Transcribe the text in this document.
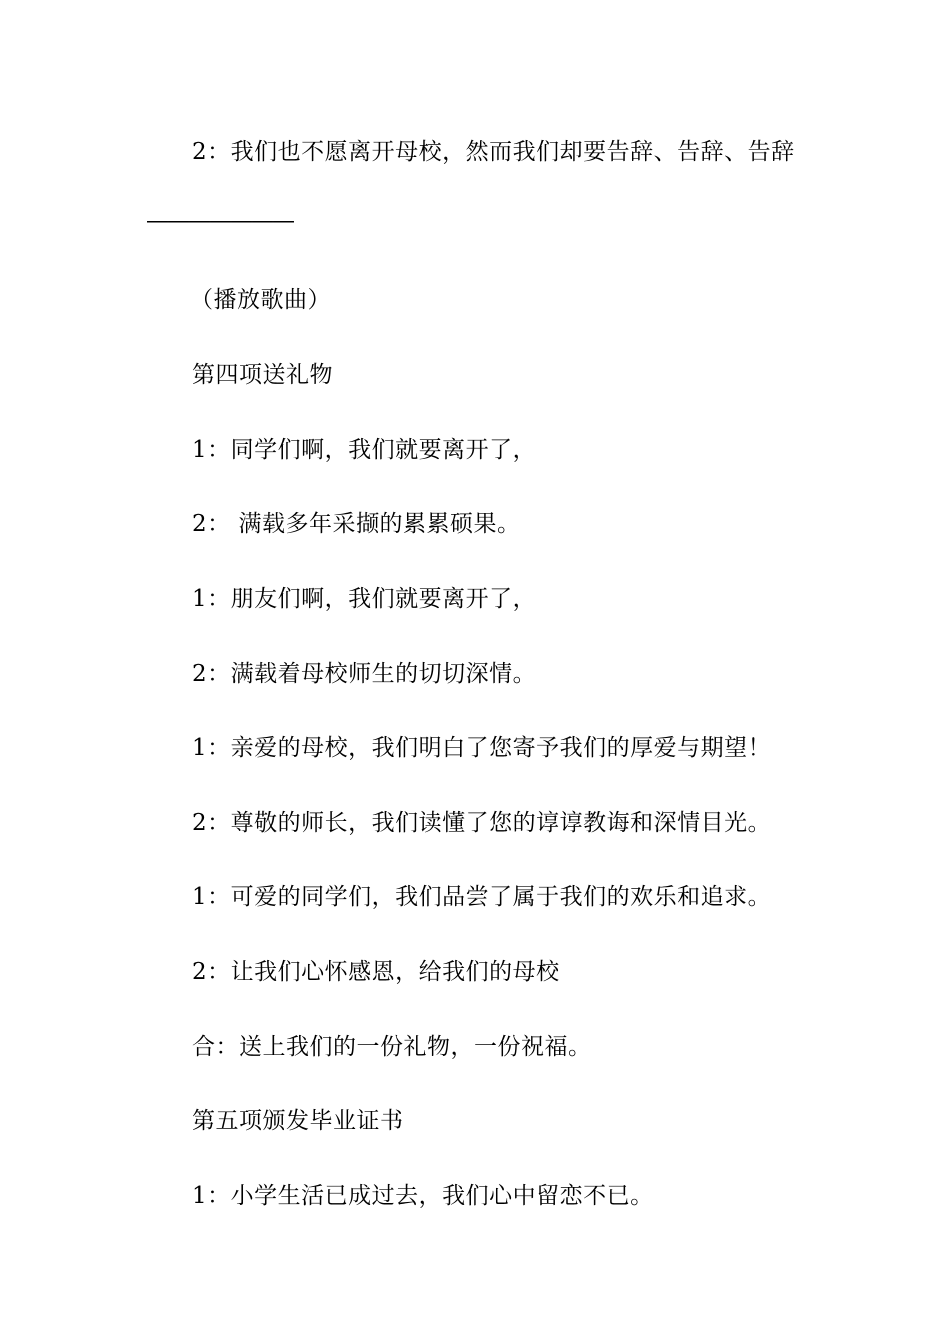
2：我们也不愿离开母校，然而我们却要告辞、告辞、告辞
———————
（播放歌曲）
第四项送礼物
1：同学们啊，我们就要离开了，
2： 满载多年采撷的累累硕果。
1：朋友们啊，我们就要离开了，
2：满载着母校师生的切切深情。
1：亲爱的母校，我们明白了您寄予我们的厚爱与期望！
2：尊敬的师长，我们读懂了您的谆谆教诲和深情目光。
1：可爱的同学们，我们品尝了属于我们的欢乐和追求。
2：让我们心怀感恩，给我们的母校
合：送上我们的一份礼物，一份祝福。
第五项颁发毕业证书
1：小学生活已成过去，我们心中留恋不已。
